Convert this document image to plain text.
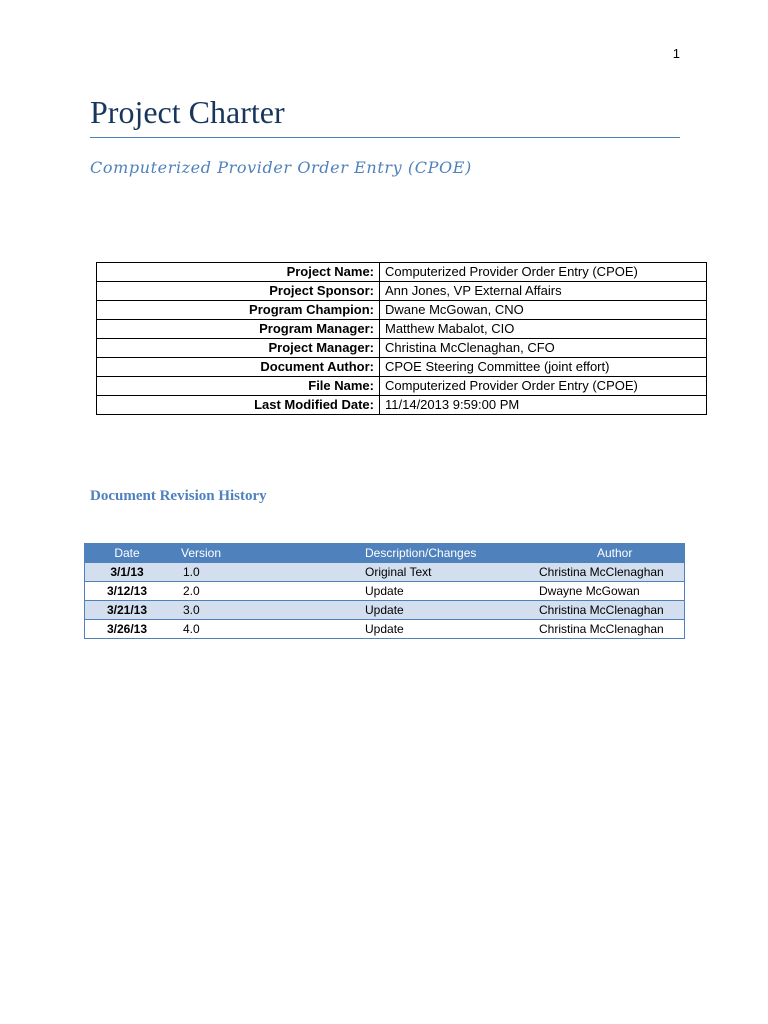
1
Project Charter
Computerized Provider Order Entry (CPOE)
Project Name:	Computerized Provider Order Entry (CPOE)
Project Sponsor:	Ann Jones, VP External Affairs
Program Champion:	Dwane McGowan, CNO
Program Manager:	Matthew Mabalot, CIO
Project Manager:	Christina McClenaghan, CFO
Document Author:	CPOE Steering Committee (joint effort)
File Name:	Computerized Provider Order Entry (CPOE)
Last Modified Date:	11/14/2013 9:59:00 PM
Document Revision History
Date	Version	Description/Changes	Author
3/1/13	1.0	Original Text	Christina McClenaghan
3/12/13	2.0	Update	Dwayne McGowan
3/21/13	3.0	Update	Christina McClenaghan
3/26/13	4.0	Update	Christina McClenaghan
